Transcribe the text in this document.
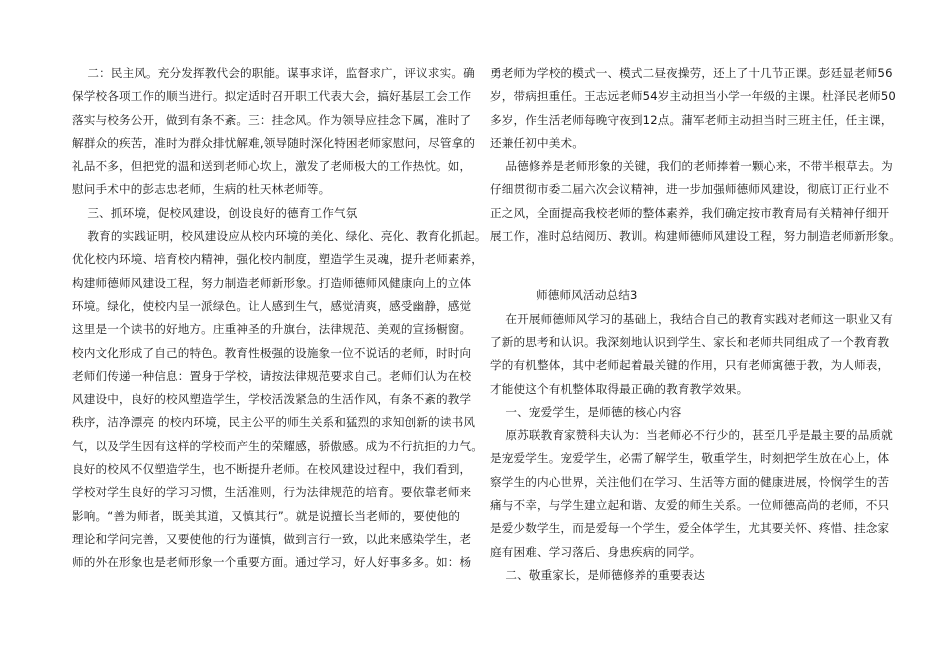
二：民主风。充分发挥教代会的职能。谋事求详，监督求广，评议求实。确
保学校各项工作的顺当进行。拟定适时召开职工代表大会，搞好基层工会工作
落实与校务公开，做到有条不紊。三：挂念风。作为领导应挂念下属，准时了
解群众的疾苦，准时为群众排忧解难,领导随时深化特困老师家慰问，尽管拿的
礼品不多，但把党的温和送到老师心坎上，激发了老师极大的工作热忱。如，
慰问手术中的彭志忠老师，生病的杜天林老师等。
三、抓环境，促校风建设，创设良好的德育工作气氛
教育的实践证明，校风建设应从校内环境的美化、绿化、亮化、教育化抓起。
优化校内环境、培育校内精神，强化校内制度，塑造学生灵魂，提升老师素养，
构建师德师风建设工程，努力制造老师新形象。打造师德师风健康向上的立体
环境。绿化，使校内呈一派绿色。让人感到生气，感觉清爽，感受幽静，感觉
这里是一个读书的好地方。庄重神圣的升旗台，法律规范、美观的宣扬橱窗。
校内文化形成了自己的特色。教育性极强的设施象一位不说话的老师，时时向
老师们传递一种信息：置身于学校，请按法律规范要求自己。老师们认为在校
风建设中，良好的校风塑造学生，学校活泼紧急的生活作风，有条不紊的教学
秩序，洁净漂亮 的校内环境，民主公平的师生关系和猛烈的求知创新的读书风
气，以及学生因有这样的学校而产生的荣耀感，骄傲感。成为不行抗拒的力气。
良好的校风不仅塑造学生，也不断提升老师。在校风建设过程中，我们看到，
学校对学生良好的学习习惯，生活准则，行为法律规范的培育。要依靠老师来
影响。“善为师者，既美其道，又慎其行”。就是说擅长当老师的，要使他的
理论和学问完善，又要使他的行为谨慎，做到言行一致，以此来感染学生，老
师的外在形象也是老师形象一个重要方面。通过学习，好人好事多多。如：杨
勇老师为学校的模式一、模式二昼夜操劳，还上了十几节正课。彭廷显老师56
岁，带病担重任。王志远老师54岁主动担当小学一年级的主课。杜泽民老师50
多岁，作生活老师每晚守夜到12点。蒲军老师主动担当时三班主任，任主课，
还兼任初中美术。
品德修养是老师形象的关键，我们的老师捧着一颗心来，不带半根草去。为
仔细贯彻市委二届六次会议精神，进一步加强师德师风建设，彻底订正行业不
正之风，全面提高我校老师的整体素养，我们确定按市教育局有关精神仔细开
展工作，准时总结阅历、教训。构建师德师风建设工程，努力制造老师新形象。
师德师风活动总结3
在开展师德师风学习的基础上，我结合自己的教育实践对老师这一职业又有
了新的思考和认识。我深刻地认识到学生、家长和老师共同组成了一个教育教
学的有机整体，其中老师起着最关键的作用，只有老师寓德于教，为人师表，
才能使这个有机整体取得最正确的教育教学效果。
一、宠爱学生，是师德的核心内容
原苏联教育家赞科夫认为：当老师必不行少的，甚至几乎是最主要的品质就
是宠爱学生。宠爱学生，必需了解学生，敬重学生，时刻把学生放在心上，体
察学生的内心世界，关注他们在学习、生活等方面的健康进展，怜悯学生的苦
痛与不幸，与学生建立起和谐、友爱的师生关系。一位师德高尚的老师，不只
是爱少数学生，而是爱每一个学生，爱全体学生，尤其要关怀、疼惜、挂念家
庭有困难、学习落后、身患疾病的同学。
二、敬重家长，是师德修养的重要表达
